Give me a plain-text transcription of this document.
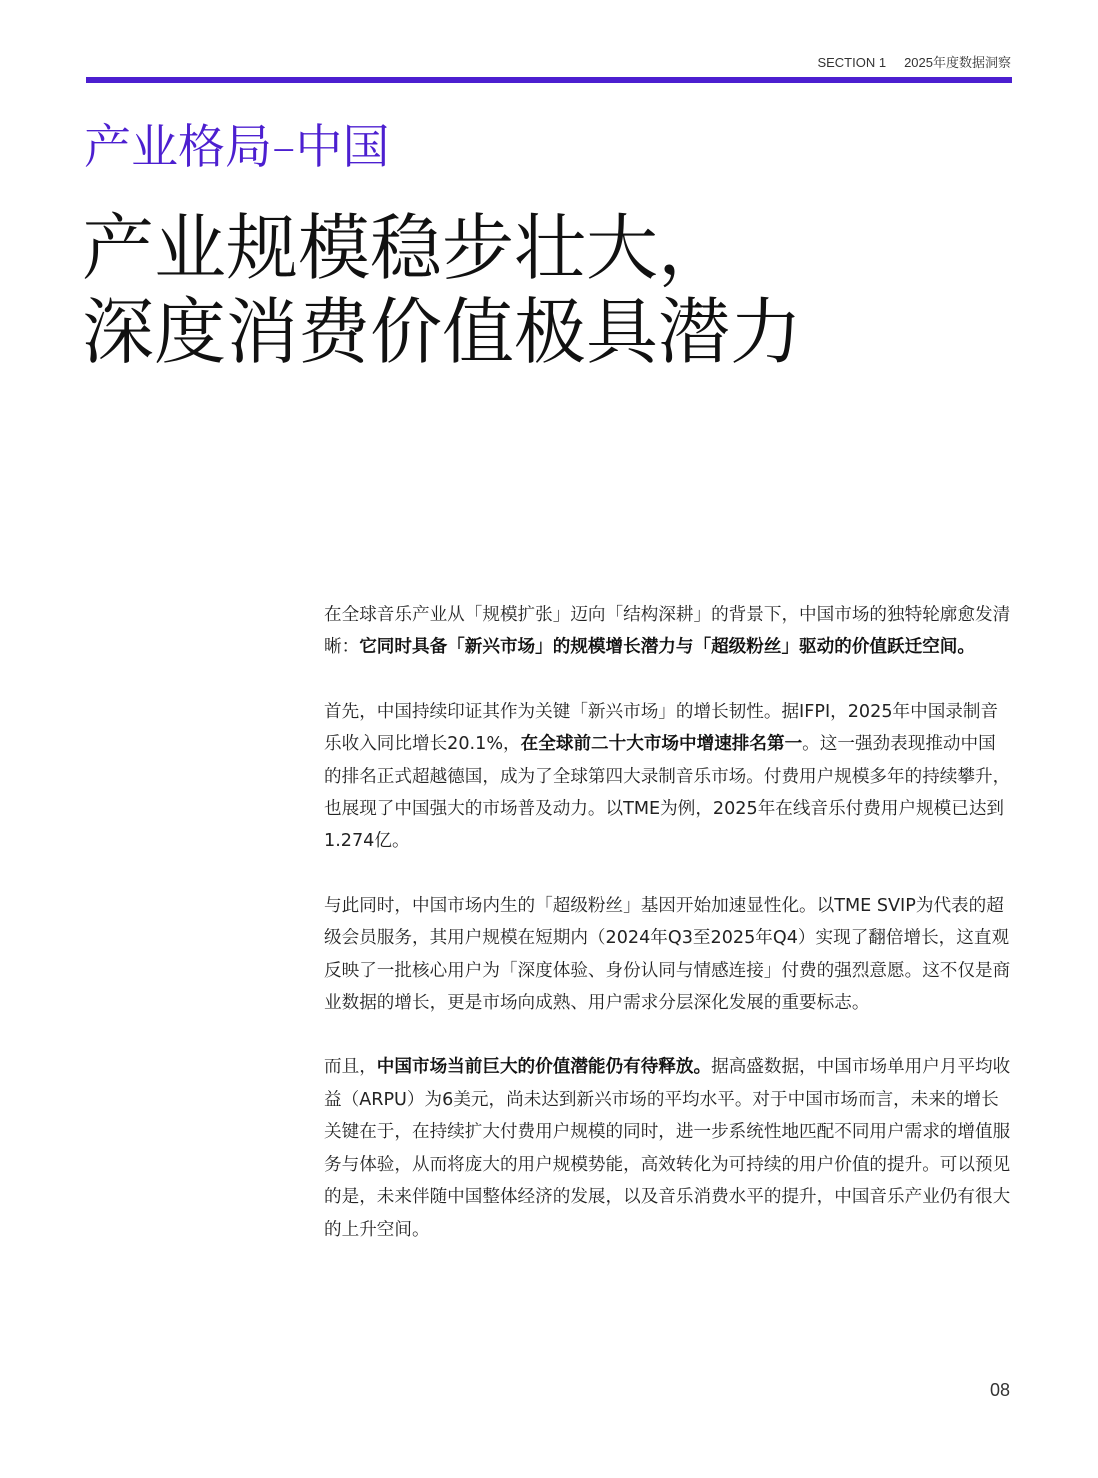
SECTION 1 2025年度数据洞察
产业格局–中国
产业规模稳步壮大，
深度消费价值极具潜力

在全球音乐产业从「规模扩张」迈向「结构深耕」的背景下，中国市场的独特轮廓愈发清晰：它同时具备「新兴市场」的规模增长潜力与「超级粉丝」驱动的价值跃迁空间。

首先，中国持续印证其作为关键「新兴市场」的增长韧性。据IFPI，2025年中国录制音乐收入同比增长20.1%，在全球前二十大市场中增速排名第一。这一强劲表现推动中国的排名正式超越德国，成为了全球第四大录制音乐市场。付费用户规模多年的持续攀升，也展现了中国强大的市场普及动力。以TME为例，2025年在线音乐付费用户规模已达到1.274亿。

与此同时，中国市场内生的「超级粉丝」基因开始加速显性化。以TME SVIP为代表的超级会员服务，其用户规模在短期内（2024年Q3至2025年Q4）实现了翻倍增长，这直观反映了一批核心用户为「深度体验、身份认同与情感连接」付费的强烈意愿。这不仅是商业数据的增长，更是市场向成熟、用户需求分层深化发展的重要标志。

而且，中国市场当前巨大的价值潜能仍有待释放。据高盛数据，中国市场单用户月平均收益（ARPU）为6美元，尚未达到新兴市场的平均水平。对于中国市场而言，未来的增长关键在于，在持续扩大付费用户规模的同时，进一步系统性地匹配不同用户需求的增值服务与体验，从而将庞大的用户规模势能，高效转化为可持续的用户价值的提升。可以预见的是，未来伴随中国整体经济的发展，以及音乐消费水平的提升，中国音乐产业仍有很大的上升空间。

08
